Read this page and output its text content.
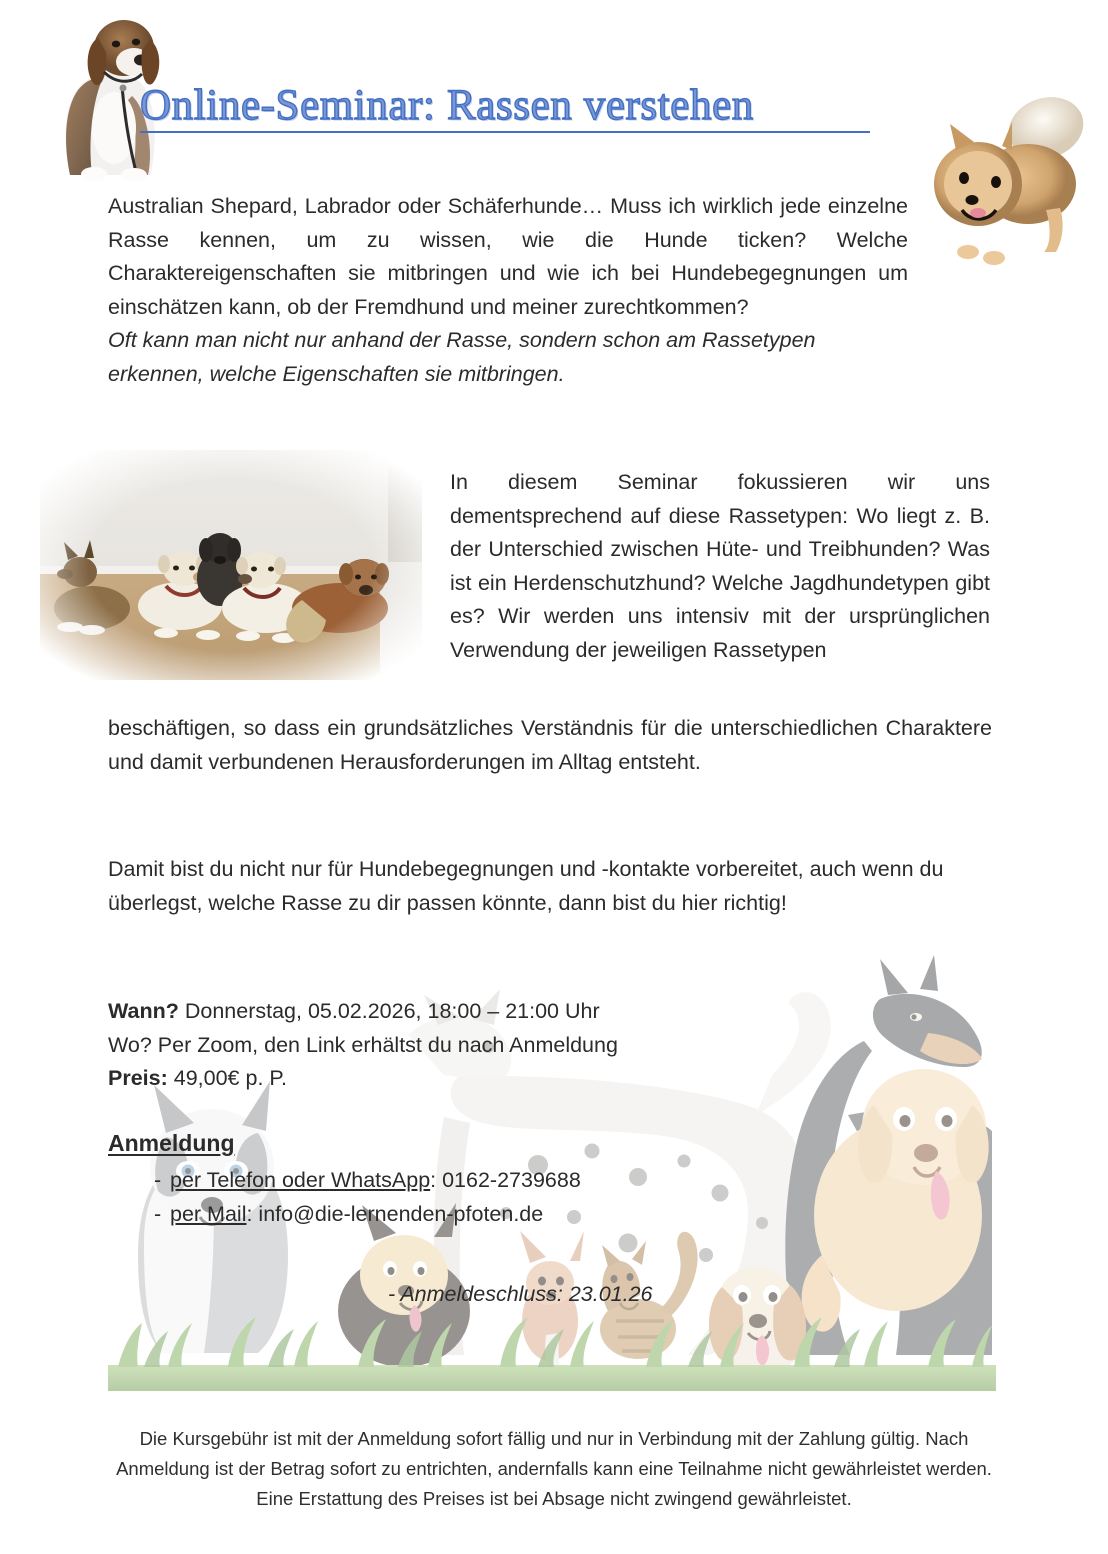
Online-Seminar: Rassen verstehen
Australian Shepard, Labrador oder Schäferhunde… Muss ich wirklich jede einzelne Rasse kennen, um zu wissen, wie die Hunde ticken? Welche Charaktereigenschaften sie mitbringen und wie ich bei Hundebegegnungen um einschätzen kann, ob der Fremdhund und meiner zurechtkommen?
Oft kann man nicht nur anhand der Rasse, sondern schon am Rassetypen erkennen, welche Eigenschaften sie mitbringen.
In diesem Seminar fokussieren wir uns dementsprechend auf diese Rassetypen: Wo liegt z. B. der Unterschied zwischen Hüte- und Treibhunden? Was ist ein Herdenschutzhund? Welche Jagdhundetypen gibt es? Wir werden uns intensiv mit der ursprünglichen Verwendung der jeweiligen Rassetypen
beschäftigen, so dass ein grundsätzliches Verständnis für die unterschiedlichen Charaktere und damit verbundenen Herausforderungen im Alltag entsteht.
Damit bist du nicht nur für Hundebegegnungen und -kontakte vorbereitet, auch wenn du überlegst, welche Rasse zu dir passen könnte, dann bist du hier richtig!
Wann? Donnerstag, 05.02.2026, 18:00 – 21:00 Uhr
Wo? Per Zoom, den Link erhältst du nach Anmeldung
Preis: 49,00€ p. P.
Anmeldung
- per Telefon oder WhatsApp: 0162-2739688
- per Mail: info@die-lernenden-pfoten.de
- Anmeldeschluss: 23.01.26
Die Kursgebühr ist mit der Anmeldung sofort fällig und nur in Verbindung mit der Zahlung gültig. Nach Anmeldung ist der Betrag sofort zu entrichten, andernfalls kann eine Teilnahme nicht gewährleistet werden. Eine Erstattung des Preises ist bei Absage nicht zwingend gewährleistet.
